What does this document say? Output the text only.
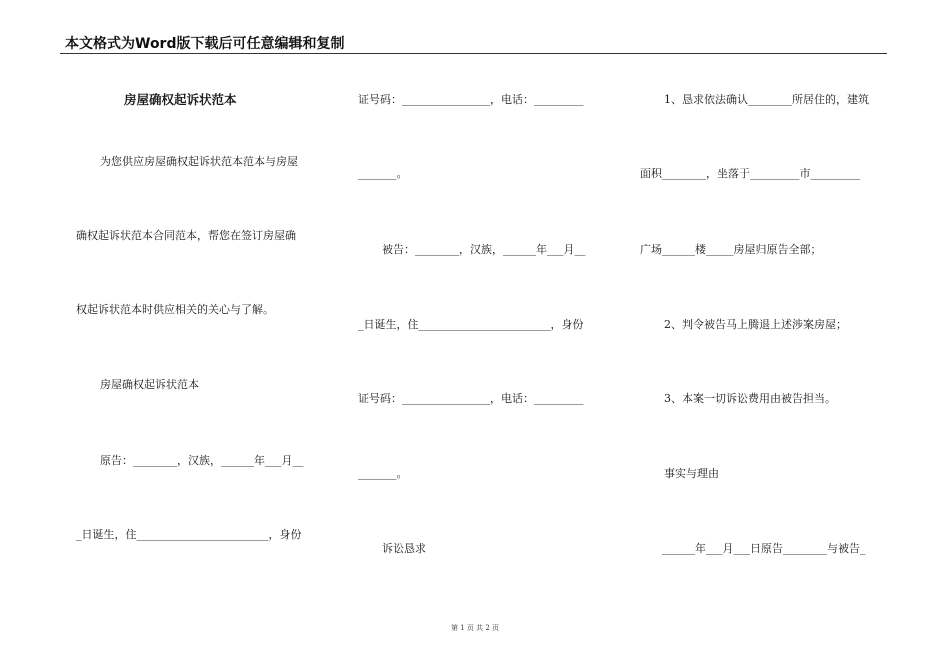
本文格式为Word版下载后可任意编辑和复制
房屋确权起诉状范本
为您供应房屋确权起诉状范本范本与房屋
确权起诉状范本合同范本，帮您在签订房屋确
权起诉状范本时供应相关的关心与了解。
房屋确权起诉状范本
原告：________，汉族，______年___月__
_日诞生，住________________________，身份
证号码：________________，电话：_________
_______。
被告：________，汉族，______年___月__
_日诞生，住________________________，身份
证号码：________________，电话：_________
_______。
诉讼恳求
1、恳求依法确认________所居住的，建筑
面积________，坐落于_________市_________
广场______楼_____房屋归原告全部；
2、判令被告马上腾退上述涉案房屋；
3、本案一切诉讼费用由被告担当。
事实与理由
______年___月___日原告________与被告_
第 1 页 共 2 页
